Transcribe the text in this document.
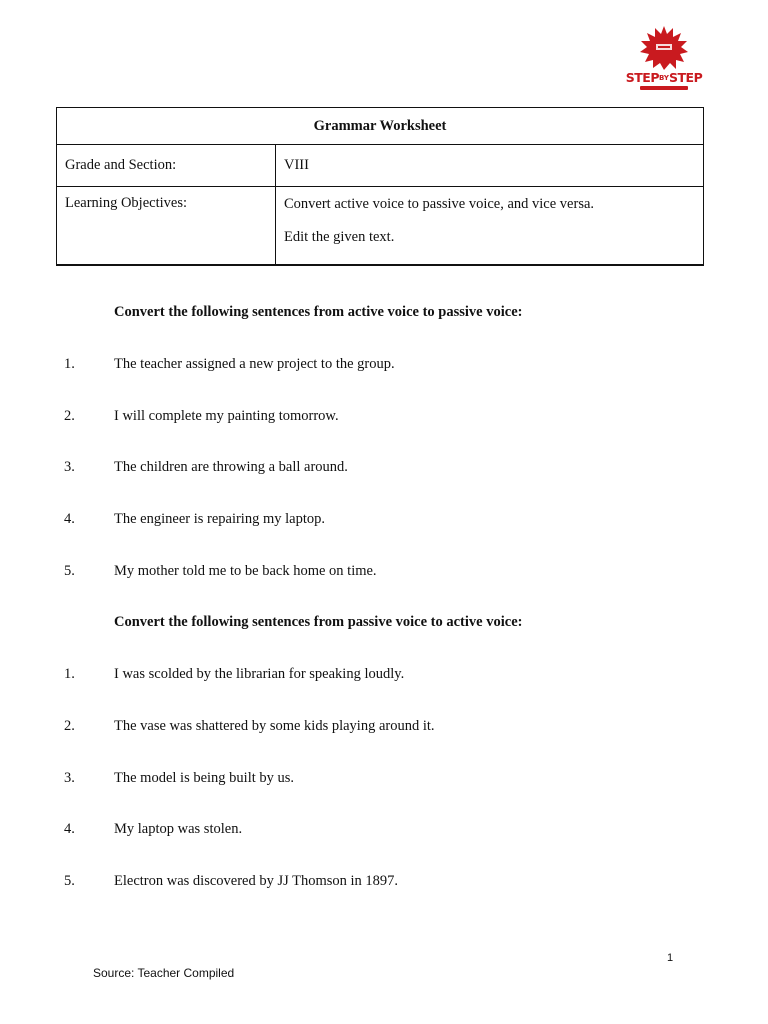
STEPBYSTEP
Grammar Worksheet	
Grade and Section:	VIII
Learning Objectives:	Convert active voice to passive voice, and vice versa.
Edit the given text.
Convert the following sentences from active voice to passive voice:
1.	The teacher assigned a new project to the group.
2.	I will complete my painting tomorrow.
3.	The children are throwing a ball around.
4.	The engineer is repairing my laptop.
5.	My mother told me to be back home on time.
Convert the following sentences from passive voice to active voice:
1.	I was scolded by the librarian for speaking loudly.
2.	The vase was shattered by some kids playing around it.
3.	The model is being built by us.
4.	My laptop was stolen.
5.	Electron was discovered by JJ Thomson in 1897.
1
Source: Teacher Compiled
